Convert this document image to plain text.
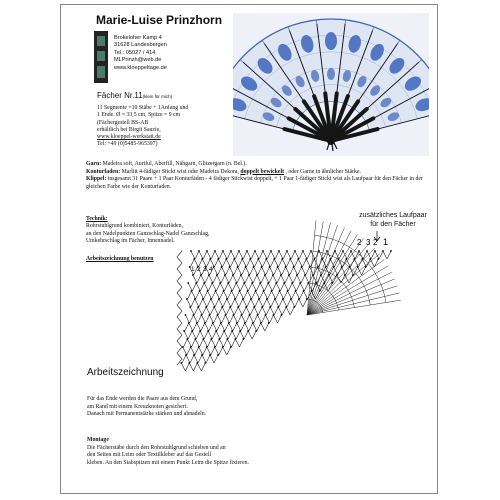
Marie-Luise Prinzhorn
Brokeloher Kamp 4
31628 Landesbergen
Tel.: 05027 / 414
MLPrinzh@web.de
www.kloeppeltage.de
Fächer Nr.11(klein für mich)
11 Segmente =10 Stäbe + 1Anfang und
1 Ende. Ø = 33,5 cm, Spitze = 9 cm
(Fächergestell BS-AB
erhältlich bei Birgit Sauzie,
www.kloeppel-werkstatt.de
Tel: +49 (0)5485-965397)
Garn: Madeira soft, Auriful, Aberfill, Nähgarn, Glitzergarn (n. Bel.).
Konturfaden: Marlitt 4-fädiger Stickt wist oder Madeira Dekora, doppelt bewickelt , oder Garne in ähnlicher Stärke.
Klippel: insgesamt 31 Paare + 1 Paar Konturfäden - 4 fädiger Stickwist doppelt, + 1 Paar 1-fädiger Stickt wist als Laufpaar für den Fächer in der gleichen Farbe wie der Konturfaden.
Technik:
Rohrstuhlgrund kombiniert, Konturfäden,
an den Nadelpunkten Ganzschlag-Nadel Ganzschlag,
Umkehrschlag im Fächer, Innennadel.
Arbeitszeichnung benutzen
zusätzliches Laufpaar
für den Fächer
2 3 2 1
1 2 3 4
Arbeitszeichnung
Für das Ende werden die Paare aus dem Grund,
am Rand mit einem Kreuzknoten gesichert.
Danach mit Permanentstärke stärken und abnadeln.
Montage
Die Fächerstäbe durch den Rohrstuhlgrund schieben und an
den Seiten mit Leim oder Textilkleber auf das Gestell
kleben. An den Stabspitzen mit einem Punkt Leim die Spitze fixieren.
